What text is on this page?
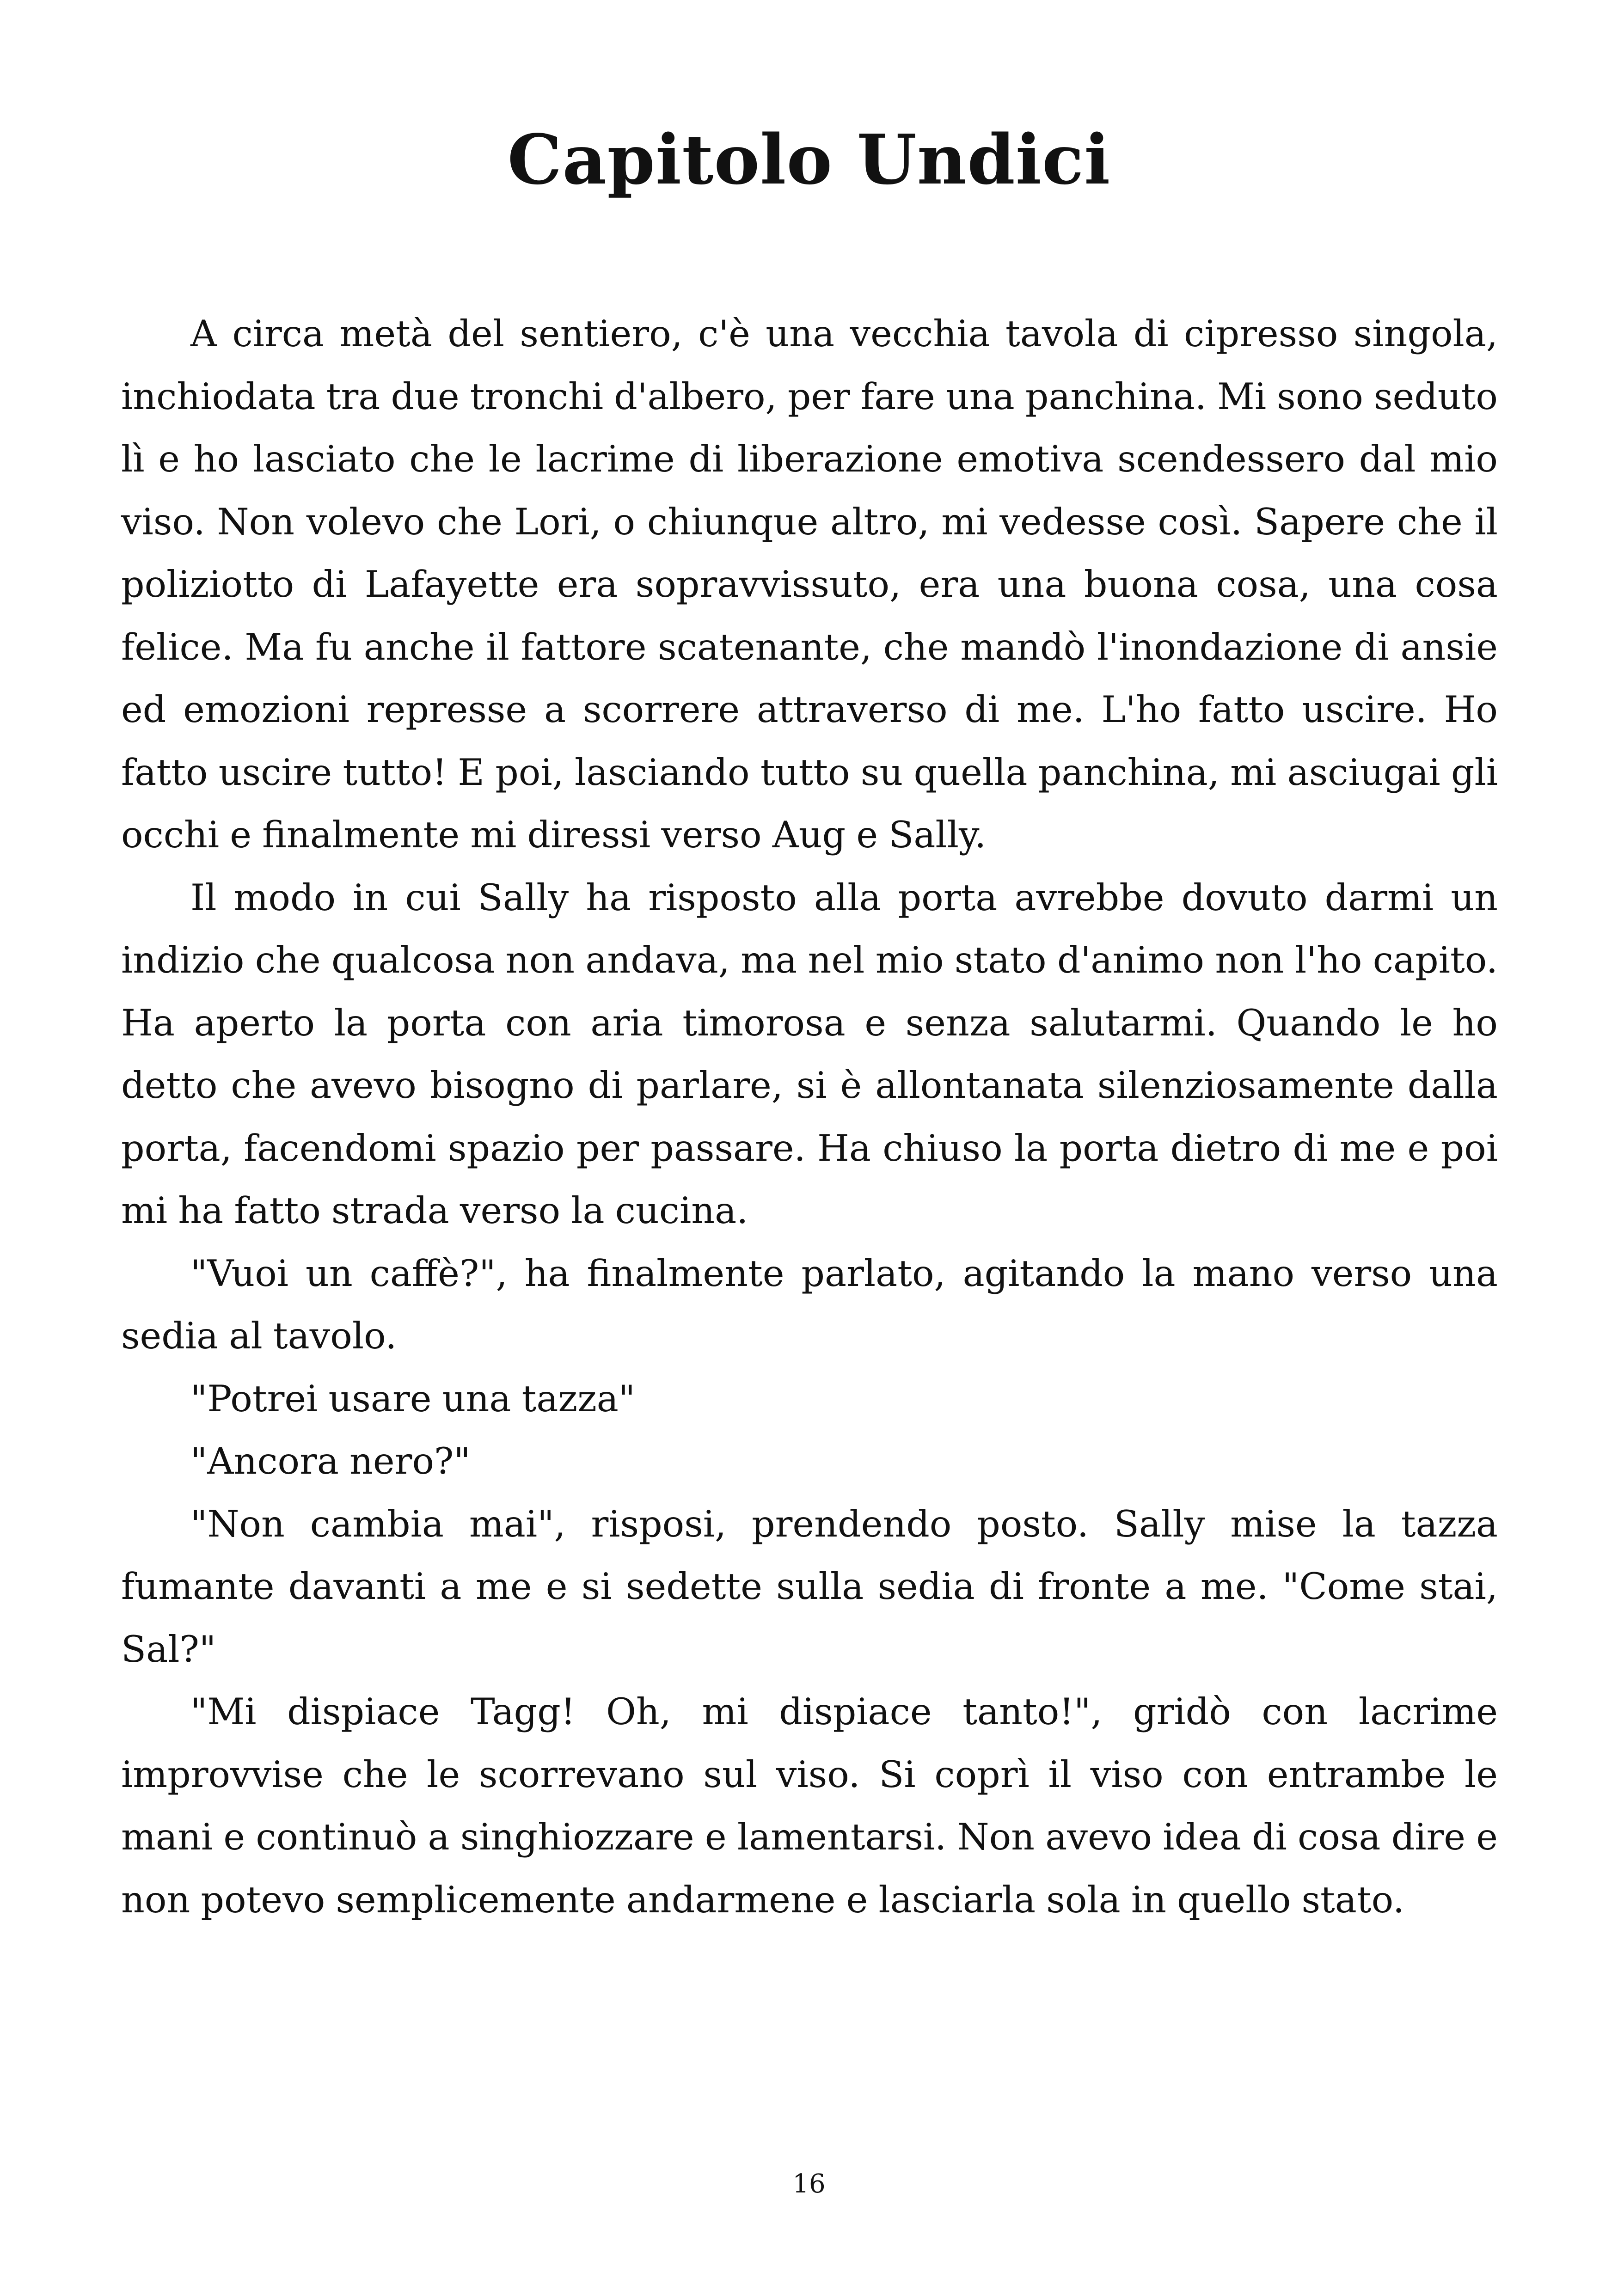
Capitolo Undici

A circa metà del sentiero, c'è una vecchia tavola di cipresso singola, inchiodata tra due tronchi d'albero, per fare una panchina. Mi sono seduto lì e ho lasciato che le lacrime di liberazione emotiva scendessero dal mio viso. Non volevo che Lori, o chiunque altro, mi vedesse così. Sapere che il poliziotto di Lafayette era sopravvissuto, era una buona cosa, una cosa felice. Ma fu anche il fattore scatenante, che mandò l'inondazione di ansie ed emozioni represse a scorrere attraverso di me. L'ho fatto uscire. Ho fatto uscire tutto! E poi, lasciando tutto su quella panchina, mi asciugai gli occhi e finalmente mi diressi verso Aug e Sally.

Il modo in cui Sally ha risposto alla porta avrebbe dovuto darmi un indizio che qualcosa non andava, ma nel mio stato d'animo non l'ho capito. Ha aperto la porta con aria timorosa e senza salutarmi. Quando le ho detto che avevo bisogno di parlare, si è allontanata silenziosamente dalla porta, facendomi spazio per passare. Ha chiuso la porta dietro di me e poi mi ha fatto strada verso la cucina.

"Vuoi un caffè?", ha finalmente parlato, agitando la mano verso una sedia al tavolo.

"Potrei usare una tazza"

"Ancora nero?"

"Non cambia mai", risposi, prendendo posto. Sally mise la tazza fumante davanti a me e si sedette sulla sedia di fronte a me. "Come stai, Sal?"

"Mi dispiace Tagg! Oh, mi dispiace tanto!", gridò con lacrime improvvise che le scorrevano sul viso. Si coprì il viso con entrambe le mani e continuò a singhiozzare e lamentarsi. Non avevo idea di cosa dire e non potevo semplicemente andarmene e lasciarla sola in quello stato.

16
